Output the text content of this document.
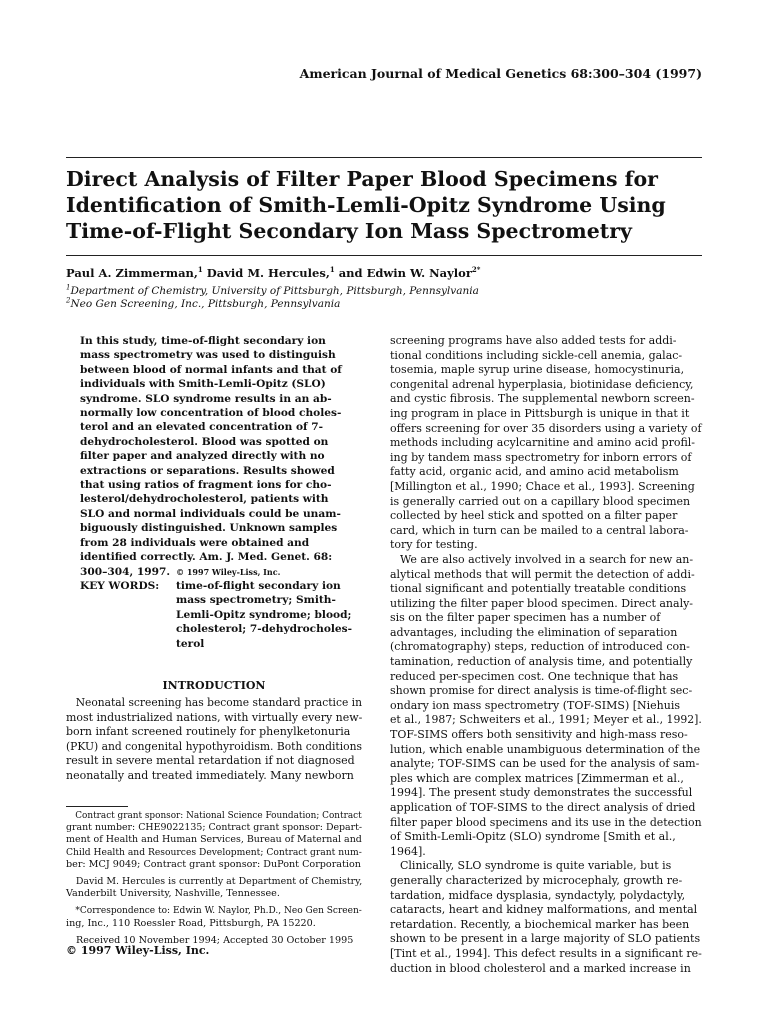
American Journal of Medical Genetics 68:300–304 (1997)
Direct Analysis of Filter Paper Blood Specimens for
Identification of Smith-Lemli-Opitz Syndrome Using
Time-of-Flight Secondary Ion Mass Spectrometry
Paul A. Zimmerman,$^1$ David M. Hercules,$^1$ and Edwin W. Naylor$^{2*}$
$^1$Department of Chemistry, University of Pittsburgh, Pittsburgh, Pennsylvania
$^2$Neo Gen Screening, Inc., Pittsburgh, Pennsylvania
In this study, time-of-flight secondary ion
mass spectrometry was used to distinguish
between blood of normal infants and that of
individuals with Smith-Lemli-Opitz (SLO)
syndrome. SLO syndrome results in an ab-
normally low concentration of blood choles-
terol and an elevated concentration of 7-
dehydrocholesterol. Blood was spotted on
filter paper and analyzed directly with no
extractions or separations. Results showed
that using ratios of fragment ions for cho-
lesterol/dehydrocholesterol, patients with
SLO and normal individuals could be unam-
biguously distinguished. Unknown samples
from 28 individuals were obtained and
identified correctly. Am. J. Med. Genet. 68:
300–304, 1997. © 1997 Wiley-Liss, Inc.
KEY WORDS: time-of-flight secondary ion
mass spectrometry; Smith-
Lemli-Opitz syndrome; blood;
cholesterol; 7-dehydrocholes-
terol
INTRODUCTION
Neonatal screening has become standard practice in
most industrialized nations, with virtually every new-
born infant screened routinely for phenylketonuria
(PKU) and congenital hypothyroidism. Both conditions
result in severe mental retardation if not diagnosed
neonatally and treated immediately. Many newborn
Contract grant sponsor: National Science Foundation; Contract
grant number: CHE9022135; Contract grant sponsor: Depart-
ment of Health and Human Services, Bureau of Maternal and
Child Health and Resources Development; Contract grant num-
ber: MCJ 9049; Contract grant sponsor: DuPont Corporation
David M. Hercules is currently at Department of Chemistry,
Vanderbilt University, Nashville, Tennessee.
*Correspondence to: Edwin W. Naylor, Ph.D., Neo Gen Screen-
ing, Inc., 110 Roessler Road, Pittsburgh, PA 15220.
Received 10 November 1994; Accepted 30 October 1995
© 1997 Wiley-Liss, Inc.
screening programs have also added tests for addi-
tional conditions including sickle-cell anemia, galac-
tosemia, maple syrup urine disease, homocystinuria,
congenital adrenal hyperplasia, biotinidase deficiency,
and cystic fibrosis. The supplemental newborn screen-
ing program in place in Pittsburgh is unique in that it
offers screening for over 35 disorders using a variety of
methods including acylcarnitine and amino acid profil-
ing by tandem mass spectrometry for inborn errors of
fatty acid, organic acid, and amino acid metabolism
[Millington et al., 1990; Chace et al., 1993]. Screening
is generally carried out on a capillary blood specimen
collected by heel stick and spotted on a filter paper
card, which in turn can be mailed to a central labora-
tory for testing.
We are also actively involved in a search for new an-
alytical methods that will permit the detection of addi-
tional significant and potentially treatable conditions
utilizing the filter paper blood specimen. Direct analy-
sis on the filter paper specimen has a number of
advantages, including the elimination of separation
(chromatography) steps, reduction of introduced con-
tamination, reduction of analysis time, and potentially
reduced per-specimen cost. One technique that has
shown promise for direct analysis is time-of-flight sec-
ondary ion mass spectrometry (TOF-SIMS) [Niehuis
et al., 1987; Schweiters et al., 1991; Meyer et al., 1992].
TOF-SIMS offers both sensitivity and high-mass reso-
lution, which enable unambiguous determination of the
analyte; TOF-SIMS can be used for the analysis of sam-
ples which are complex matrices [Zimmerman et al.,
1994]. The present study demonstrates the successful
application of TOF-SIMS to the direct analysis of dried
filter paper blood specimens and its use in the detection
of Smith-Lemli-Opitz (SLO) syndrome [Smith et al.,
1964].
Clinically, SLO syndrome is quite variable, but is
generally characterized by microcephaly, growth re-
tardation, midface dysplasia, syndactyly, polydactyly,
cataracts, heart and kidney malformations, and mental
retardation. Recently, a biochemical marker has been
shown to be present in a large majority of SLO patients
[Tint et al., 1994]. This defect results in a significant re-
duction in blood cholesterol and a marked increase in
